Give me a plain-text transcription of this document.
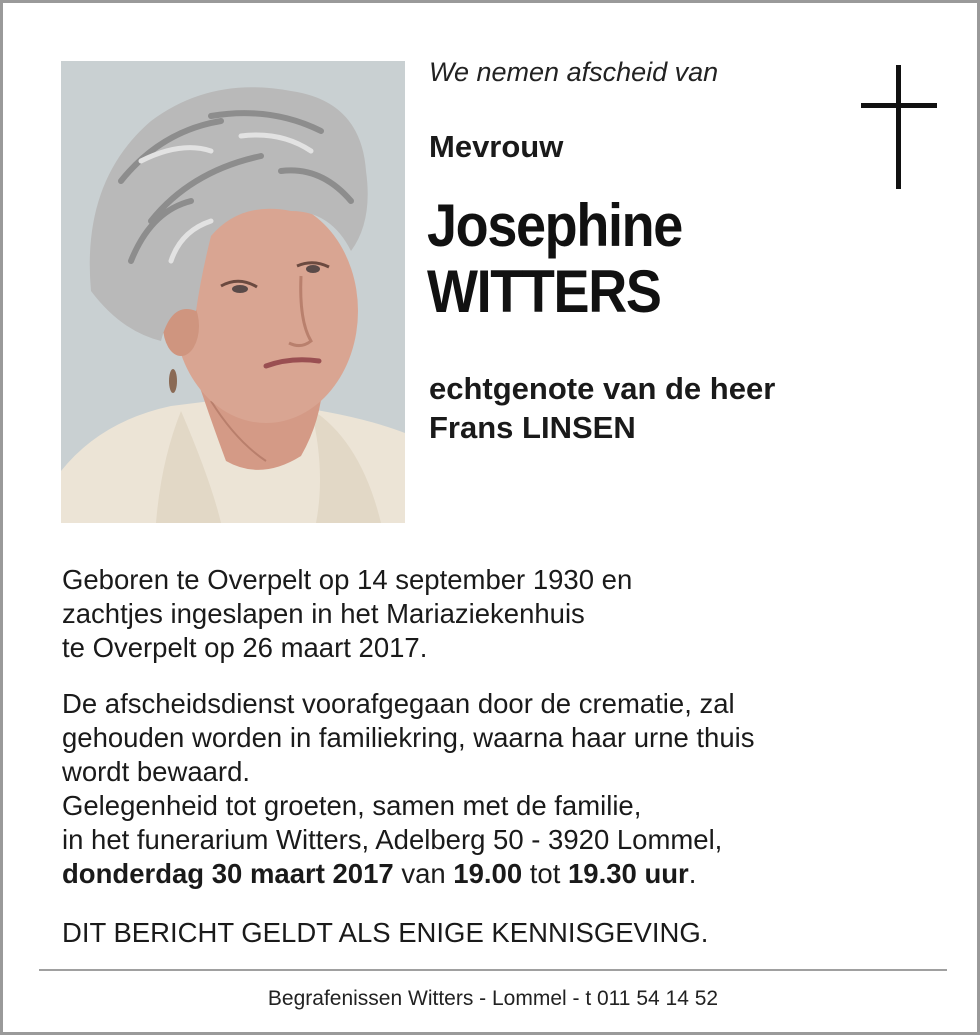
We nemen afscheid van
Mevrouw
Josephine
WITTERS
echtgenote van de heer
Frans LINSEN
Geboren te Overpelt op 14 september 1930 en
zachtjes ingeslapen in het Mariaziekenhuis
te Overpelt op 26 maart 2017.
De afscheidsdienst voorafgegaan door de crematie, zal
gehouden worden in familiekring, waarna haar urne thuis
wordt bewaard.
Gelegenheid tot groeten, samen met de familie,
in het funerarium Witters, Adelberg 50 - 3920 Lommel,
donderdag 30 maart 2017 van 19.00 tot 19.30 uur.
DIT BERICHT GELDT ALS ENIGE KENNISGEVING.
Begrafenissen Witters - Lommel - t 011 54 14 52
